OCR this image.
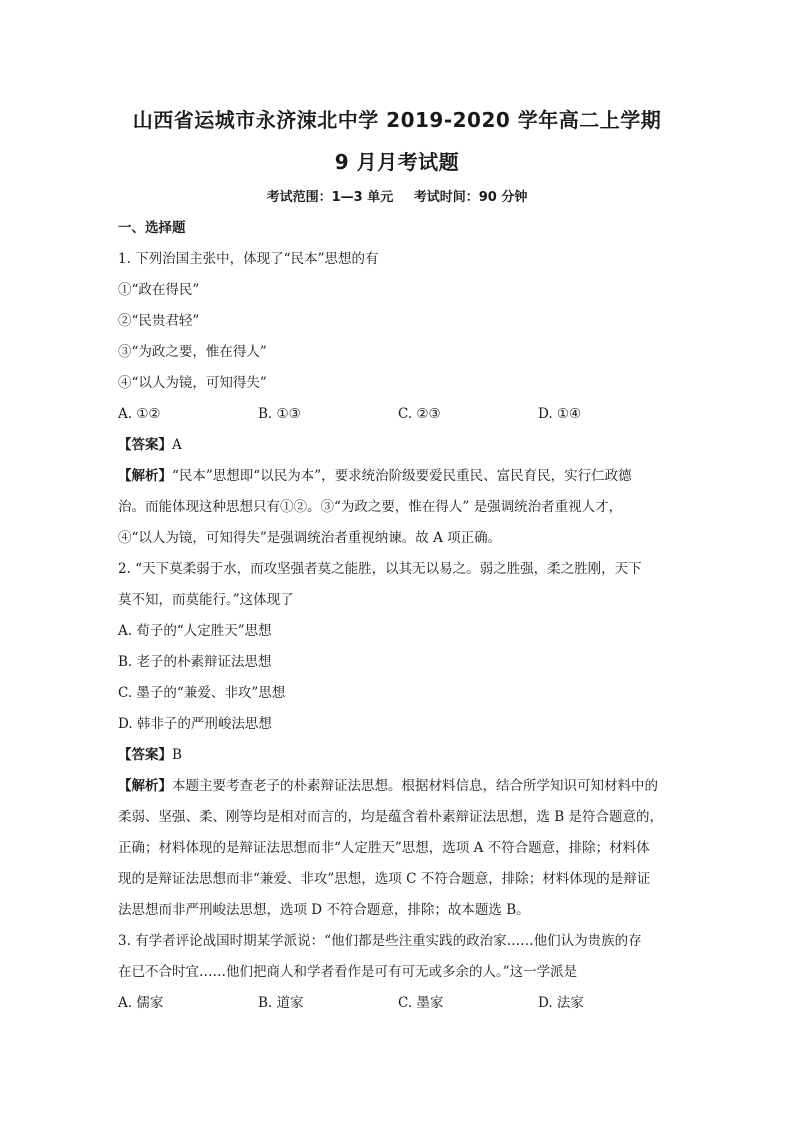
山西省运城市永济涑北中学 2019-2020 学年高二上学期
9 月月考试题
考试范围：1—3 单元 考试时间：90 分钟
一、选择题
1. 下列治国主张中，体现了“民本”思想的有
①“政在得民”
②“民贵君轻”
③“为政之要，惟在得人”
④“以人为镜，可知得失”
A. ①②	B. ①③	C. ②③	D. ①④
【答案】A
【解析】“民本”思想即“以民为本”，要求统治阶级要爱民重民、富民育民，实行仁政德
治。而能体现这种思想只有①②。③“为政之要，惟在得人” 是强调统治者重视人才，
④“以人为镜，可知得失”是强调统治者重视纳谏。故 A 项正确。
2. “天下莫柔弱于水，而攻坚强者莫之能胜，以其无以易之。弱之胜强，柔之胜刚，天下
莫不知，而莫能行。”这体现了
A. 荀子的“人定胜天”思想
B. 老子的朴素辩证法思想
C. 墨子的“兼爱、非攻”思想
D. 韩非子的严刑峻法思想
【答案】B
【解析】本题主要考查老子的朴素辩证法思想。根据材料信息，结合所学知识可知材料中的
柔弱、坚强、柔、刚等均是相对而言的，均是蕴含着朴素辩证法思想，选 B 是符合题意的，
正确；材料体现的是辩证法思想而非“人定胜天”思想，选项 A 不符合题意，排除；材料体
现的是辩证法思想而非“兼爱、非攻”思想，选项 C 不符合题意，排除；材料体现的是辩证
法思想而非严刑峻法思想，选项 D 不符合题意，排除；故本题选 B。
3. 有学者评论战国时期某学派说：“他们都是些注重实践的政治家……他们认为贵族的存
在已不合时宜……他们把商人和学者看作是可有可无或多余的人。”这一学派是
A. 儒家	B. 道家	C. 墨家	D. 法家
